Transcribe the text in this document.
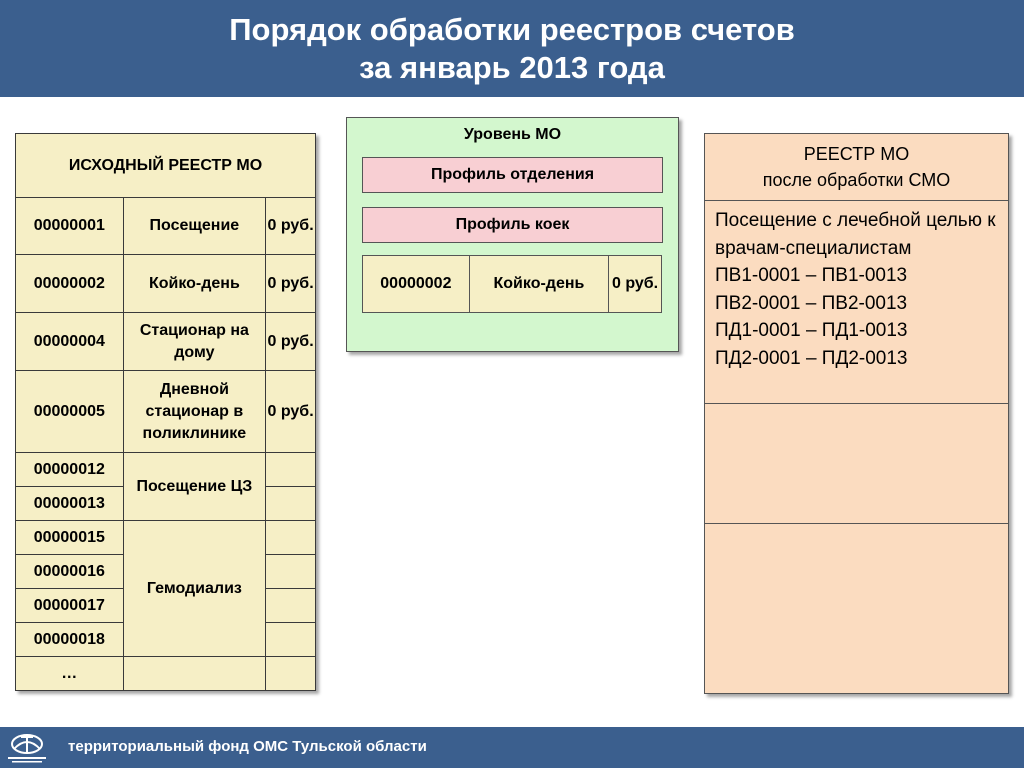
Порядок обработки реестров счетов
за январь 2013 года
ИСХОДНЫЙ РЕЕСТР МО		
00000001	Посещение	0 руб.
00000002	Койко-день	0 руб.
00000004	Стационар на дому	0 руб.
00000005	Дневной стационар в поликлинике	0 руб.
00000012	Посещение ЦЗ	
00000013		
00000015	Гемодиализ	
00000016		
00000017		
00000018		
…		
Уровень МО
Профиль отделения
Профиль коек
00000002	Койко-день	0 руб.
РЕЕСТР МО
после обработки СМО

Посещение с лечебной целью к врачам-специалистам
ПВ1-0001 – ПВ1-0013
ПВ2-0001 – ПВ2-0013
ПД1-0001 – ПД1-0013
ПД2-0001 – ПД2-0013

территориальный фонд ОМС Тульской области
